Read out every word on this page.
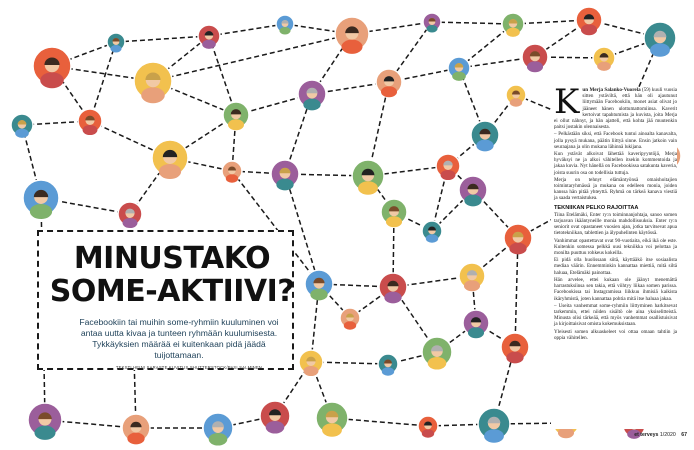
MINUSTAKO
SOME-AKTIIVI?

Facebookiin tai muihin some-ryhmiin kuuluminen voi antaa uutta kivaa ja tunteen ryhmään kuulumisesta. Tykkäyksien määrää ei kuitenkaan pidä jäädä tuijottamaan.

TEKSTI HEINI SARASTE KUVITUS SHUTTERSTOCK/PASI SALMINEN
K un Merja Salanko-Vuorela (59) kuuli vuosia sitten ystäviltä, että hän oli ajautunut liittymään Facebookiin, monet asiat olivat jo jääneet hänen ulottumattomiinsa. Kaverit kertoivat tapahtumista ja kuvista, joita Merja ei ollut nähnyt, ja hän ajatteli, että kohta jää muutenkin paitsi jostakin olennaisesta.

– Pelkästään siksi, että Facebook tuntui ainoalta kanavalta, jolla pysyä mukana, päätin liittyä sinne. Ensin jatkoin vain seuraajana ja olin mukana lähinnä lukijana.

Kun ystävät alkoivat lähettää kaveripyyntöjä, Merja hyväksyi ne ja alkoi vähitellen itsekin kommentoida ja jakaa kuvia. Nyt hänellä on Facebookissa satakunta kaveria, joista suurin osa on todellisia tuttuja.

Merja on tehnyt elämäntyönsä omaishoitajien toimintaryhmässä ja mukana on edelleen monia, joiden kanssa hän pitää yhteyttä. Ryhmä on tärkeä kanava viestiä ja saada vertaistukea.

TEKNIIKAN PELKO RAJOITTAA

Tiina Etelämäki, Enter ry:n toiminnanjohtaja, sanoo somen tarjoavan ikääntyneille monia mahdollisuuksia. Enter ry:n seniorit ovat opastaneet vuosien ajan, jotka tarvitsevat apua tietotekniikan, tablettien ja älypuhelinten käytössä.

Vanhimmat opastettavat ovat 90-vuotiaita, eikä ikä ole este. Kuitenkin somessa pelkkä uusi tekniikka voi pelottaa ja monilta puuttuu rohkeus kokeilla.

Ei pidä olla huolissaan siitä, käyttääkö itse sosiaalista mediaa väärin. Ennemminkin kannattaa miettiä, mitä siltä haluaa, Etelämäki painottaa.

Hän arvelee, ettei kukaan ole jäänyt menemättä harrastuksiinsa sen takia, että viihtyy liikaa somen parissa. Facebookissa tai Instagramissa liikkuu ihmisiä kaikista ikäryhmistä, joten kannattaa pohtia mitä itse haluaa jakaa.

– Useita vanhemmat some-ryhmiin liittyminen harkitsevat tarkemmin, ettei niiden sisältö ole aina yksiselitteistä. Minusta olisi tärkeää, että myös vanhemmat osallistuisivat ja kirjoittaisivat omista kokemuksistaan.

Yleisesti somen alkuaskeleet voi ottaa omaan tahtiin ja oppia vähitellen.

et terveys 1/2020 67
